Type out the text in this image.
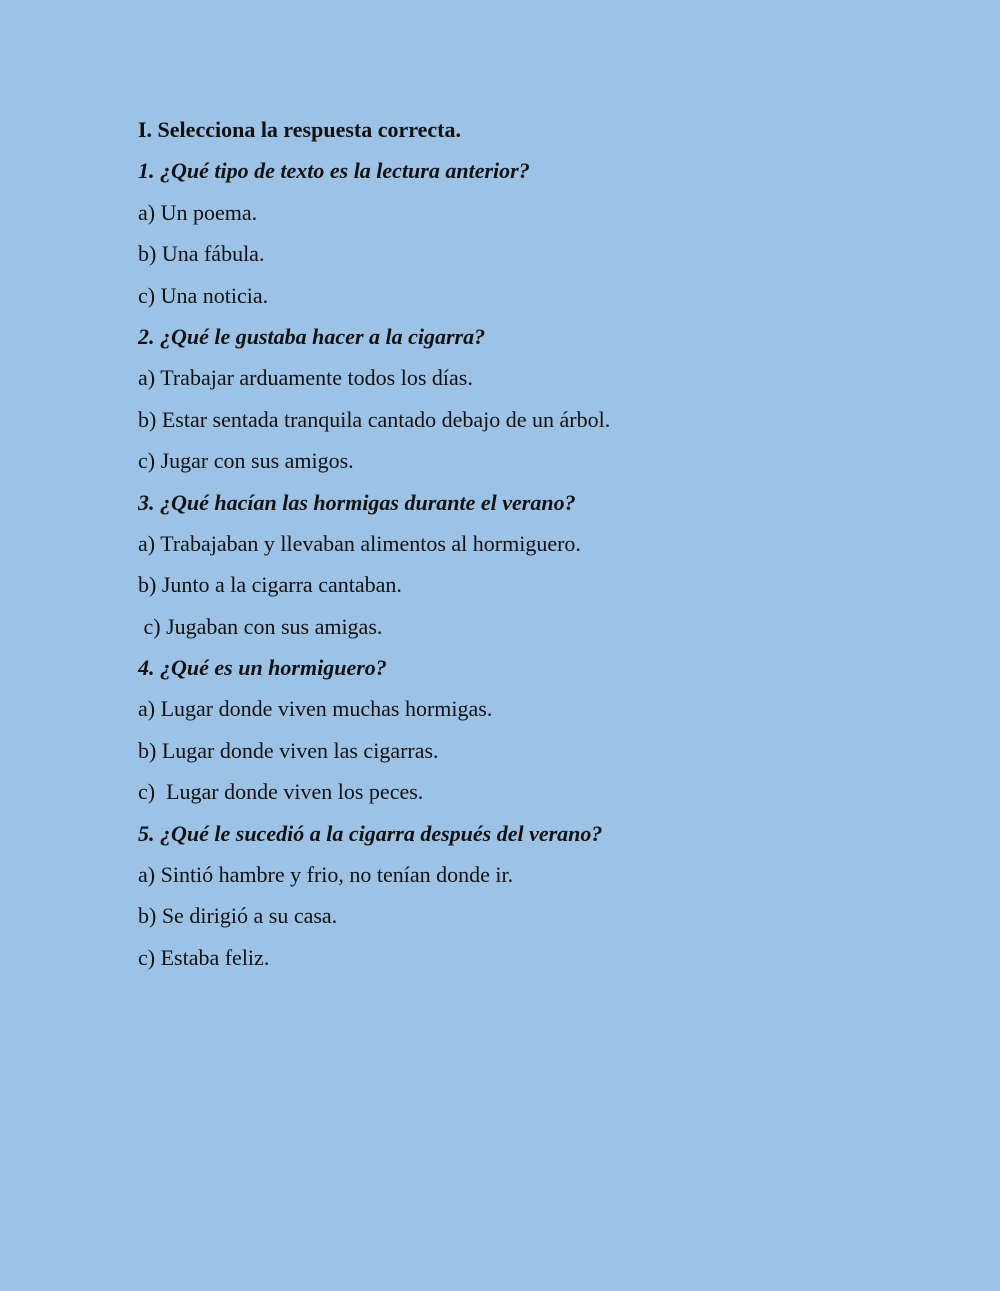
I. Selecciona la respuesta correcta.
1. ¿Qué tipo de texto es la lectura anterior?
a) Un poema.
b) Una fábula.
c) Una noticia.
2. ¿Qué le gustaba hacer a la cigarra?
a) Trabajar arduamente todos los días.
b) Estar sentada tranquila cantado debajo de un árbol.
c) Jugar con sus amigos.
3. ¿Qué hacían las hormigas durante el verano?
a) Trabajaban y llevaban alimentos al hormiguero.
b) Junto a la cigarra cantaban.
c) Jugaban con sus amigas.
4. ¿Qué es un hormiguero?
a) Lugar donde viven muchas hormigas.
b) Lugar donde viven las cigarras.
c)  Lugar donde viven los peces.
5. ¿Qué le sucedió a la cigarra después del verano?
a) Sintió hambre y frio, no tenían donde ir.
b) Se dirigió a su casa.
c) Estaba feliz.
